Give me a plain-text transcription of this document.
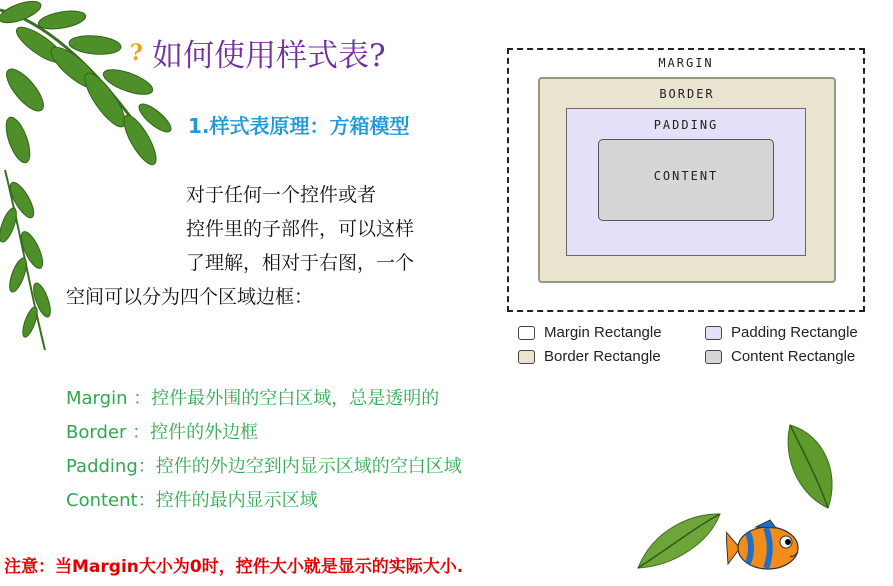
? 如何使用样式表?
1.样式表原理：方箱模型
对于任何一个控件或者
控件里的子部件，可以这样
了理解，相对于右图，一个
空间可以分为四个区域边框：
MARGIN
BORDER
PADDING
CONTENT
Margin Rectangle	Padding Rectangle
Border Rectangle	Content Rectangle
Margin ：控件最外围的空白区域，总是透明的
Border ：控件的外边框
Padding：控件的外边空到内显示区域的空白区域
Content：控件的最内显示区域
注意：当Margin大小为0时，控件大小就是显示的实际大小.
